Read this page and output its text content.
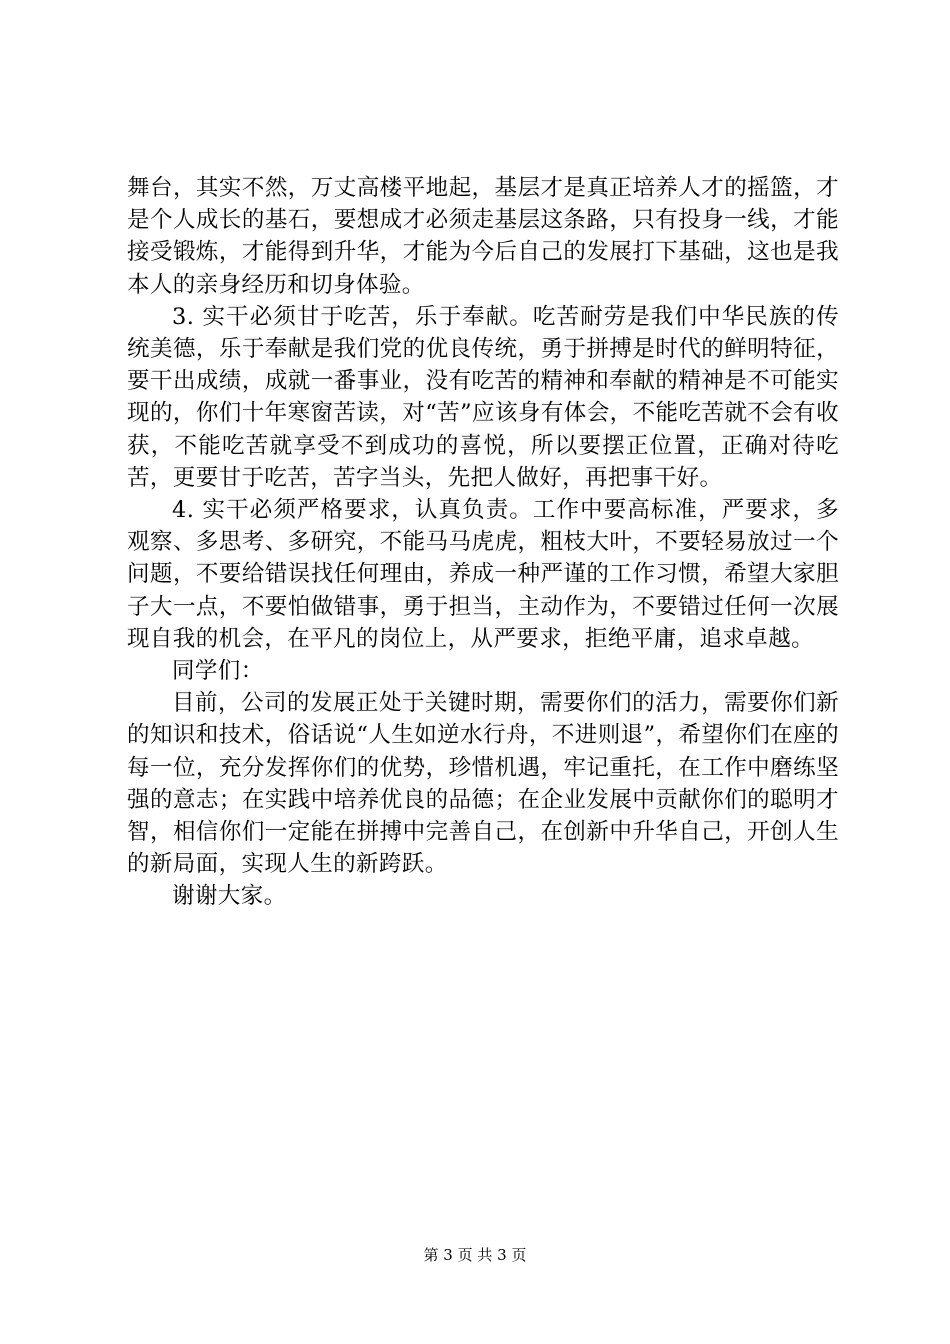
舞台，其实不然，万丈高楼平地起，基层才是真正培养人才的摇篮，才是个人成长的基石，要想成才必须走基层这条路，只有投身一线，才能接受锻炼，才能得到升华，才能为今后自己的发展打下基础，这也是我本人的亲身经历和切身体验。

3. 实干必须甘于吃苦，乐于奉献。吃苦耐劳是我们中华民族的传统美德，乐于奉献是我们党的优良传统，勇于拼搏是时代的鲜明特征，要干出成绩，成就一番事业，没有吃苦的精神和奉献的精神是不可能实现的，你们十年寒窗苦读，对“苦”应该身有体会，不能吃苦就不会有收获，不能吃苦就享受不到成功的喜悦，所以要摆正位置，正确对待吃苦，更要甘于吃苦，苦字当头，先把人做好，再把事干好。

4. 实干必须严格要求，认真负责。工作中要高标准，严要求，多观察、多思考、多研究，不能马马虎虎，粗枝大叶，不要轻易放过一个问题，不要给错误找任何理由，养成一种严谨的工作习惯，希望大家胆子大一点，不要怕做错事，勇于担当，主动作为，不要错过任何一次展现自我的机会，在平凡的岗位上，从严要求，拒绝平庸，追求卓越。

同学们：

目前，公司的发展正处于关键时期，需要你们的活力，需要你们新的知识和技术，俗话说“人生如逆水行舟，不进则退”，希望你们在座的每一位，充分发挥你们的优势，珍惜机遇，牢记重托，在工作中磨练坚强的意志；在实践中培养优良的品德；在企业发展中贡献你们的聪明才智，相信你们一定能在拼搏中完善自己，在创新中升华自己，开创人生的新局面，实现人生的新跨跃。

谢谢大家。

第 3 页 共 3 页
